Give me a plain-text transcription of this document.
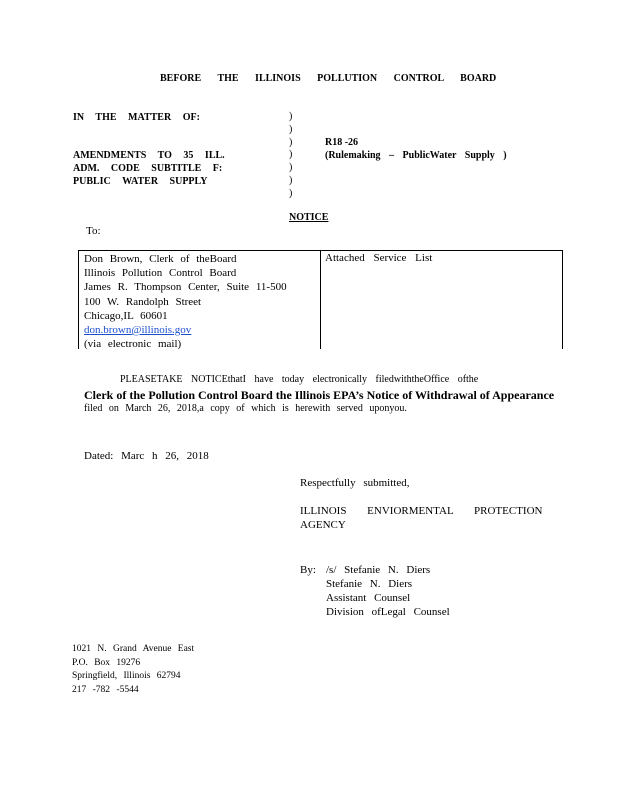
BEFORE THE ILLINOIS POLLUTION CONTROL BOARD
IN THE MATTER OF:
AMENDMENTS TO 35 ILL.
ADM. CODE SUBTITLE F:
PUBLIC WATER SUPPLY
)
)
)
)
)
)
)
R18 -26
(Rulemaking – PublicWater Supply )
NOTICE
To:
Don Brown, Clerk of theBoard
Illinois Pollution Control Board
James R. Thompson Center, Suite 11-500
100 W. Randolph Street
Chicago,IL 60601
don.brown@illinois.gov
(via electronic mail)
Attached Service List
PLEASETAKE NOTICEthatI have today electronically filedwiththeOffice ofthe
Clerk of the Pollution Control Board the Illinois EPA’s Notice of Withdrawal of Appearance
filed on March 26, 2018,a copy of which is herewith served uponyou.
Dated: Marc h 26, 2018
Respectfully submitted,
ILLINOIS ENVIORMENTAL PROTECTION
AGENCY
By: /s/ Stefanie N. Diers
Stefanie N. Diers
Assistant Counsel
Division ofLegal Counsel
1021 N. Grand Avenue East
P.O. Box 19276
Springfield, Illinois 62794
217 -782 -5544
